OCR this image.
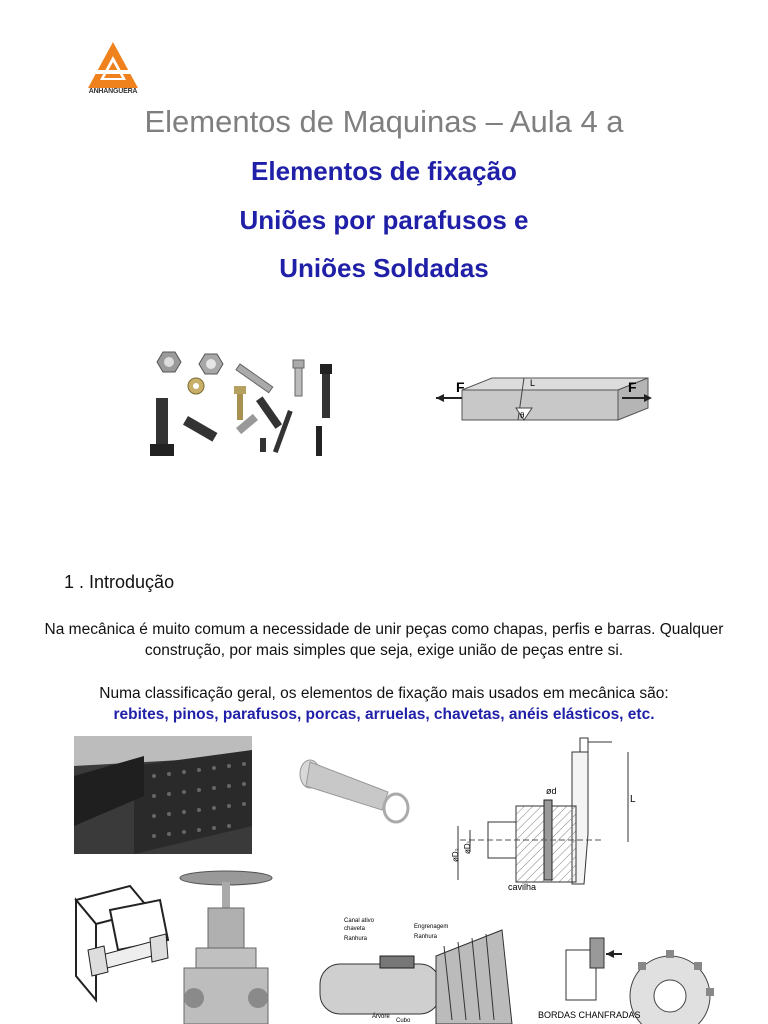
ANHANGUERA
Elementos de Maquinas – Aula 4 a
Elementos de fixação
Uniões por parafusos e
Uniões Soldadas
F	F
L
θ
1 . Introdução
Na mecânica é muito comum a necessidade de unir peças como chapas, perfis e barras. Qualquer construção, por mais simples que seja, exige união de peças entre si.
Numa classificação geral, os elementos de fixação mais usados em mecânica são:
rebites, pinos, parafusos, porcas, arruelas, chavetas, anéis elásticos, etc.
ød
øD₂
øD₁
L
cavilha
Canal ativo
chaveta
Ranhura
Engrenagem
Ranhura
Árvore
Cubo
BORDAS CHANFRADAS
